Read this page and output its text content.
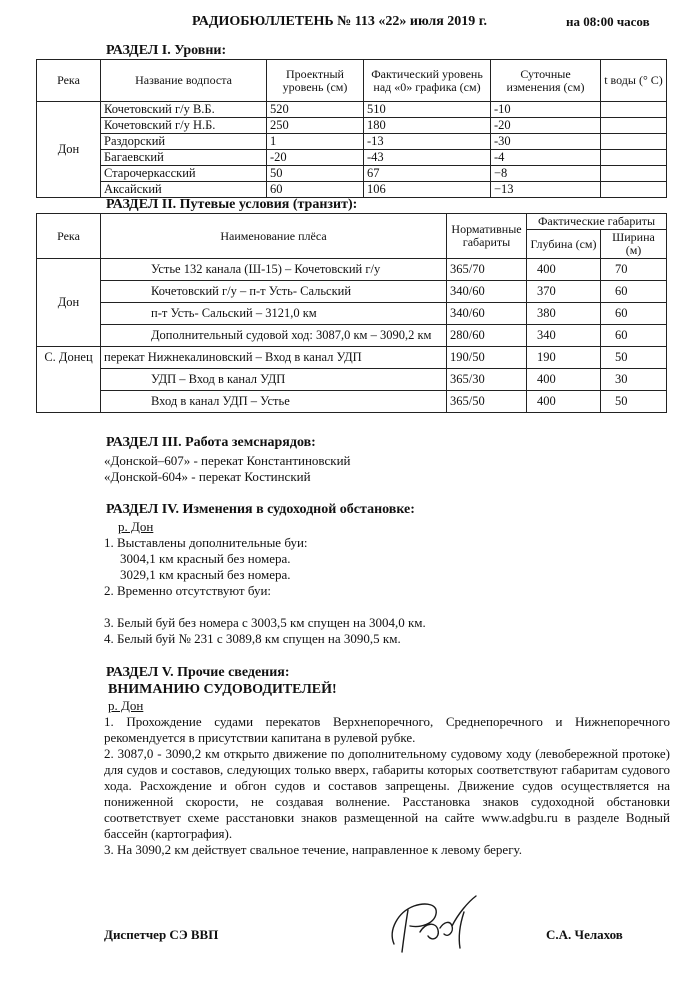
РАДИОБЮЛЛЕТЕНЬ № 113 «22» июля 2019 г.	на 08:00 часов
РАЗДЕЛ I. Уровни:
Река	Название водпоста	Проектный уровень (см)	Фактический уровень над «0» графика (см)	Суточные изменения (см)	t воды (° С)
Дон	Кочетовский г/у В.Б.	520	510	-10	
	Кочетовский г/у Н.Б.	250	180	-20	
	Раздорский	1	-13	-30	
	Багаевский	-20	-43	-4	
	Старочеркасский	50	67	−8	
	Аксайский	60	106	−13	
РАЗДЕЛ II. Путевые условия (транзит):
Река	Наименование плёса	Нормативные габариты	Фактические габариты	
			Глубина (см)	Ширина (м)
Дон	Устье 132 канала (Ш-15) – Кочетовский г/у	365/70	400	70
	Кочетовский г/у – п-т Усть- Сальский	340/60	370	60
	п-т Усть- Сальский – 3121,0 км	340/60	380	60
	Дополнительный судовой ход: 3087,0 км – 3090,2 км	280/60	340	60
С. Донец	перекат Нижнекалиновский – Вход в канал УДП	190/50	190	50
	УДП – Вход в канал УДП	365/30	400	30
	Вход в канал УДП – Устье	365/50	400	50
РАЗДЕЛ III. Работа земснарядов:
«Донской–607» - перекат Константиновский
«Донской-604» - перекат Костинский
РАЗДЕЛ IV. Изменения в судоходной обстановке:
р. Дон
1. Выставлены дополнительные буи:
3004,1 км красный без номера.
3029,1 км красный без номера.
2. Временно отсутствуют буи:
3. Белый буй без номера с 3003,5 км спущен на 3004,0 км.
4. Белый буй № 231 с 3089,8 км спущен на 3090,5 км.
РАЗДЕЛ V. Прочие сведения:
ВНИМАНИЮ СУДОВОДИТЕЛЕЙ!
р. Дон
1. Прохождение судами перекатов Верхнепоречного, Среднепоречного и Нижнепоречного рекомендуется в присутствии капитана в рулевой рубке.
2. 3087,0 - 3090,2 км открыто движение по дополнительному судовому ходу (левобережной протоке) для судов и составов, следующих только вверх, габариты которых соответствуют габаритам судового хода. Расхождение и обгон судов и составов запрещены. Движение судов осуществляется на пониженной скорости, не создавая волнение. Расстановка знаков судоходной обстановки соответствует схеме расстановки знаков размещенной на сайте www.adgbu.ru в разделе Водный бассейн (картография).
3. На 3090,2 км действует свальное течение, направленное к левому берегу.
Диспетчер СЭ ВВП	С.А. Челахов
